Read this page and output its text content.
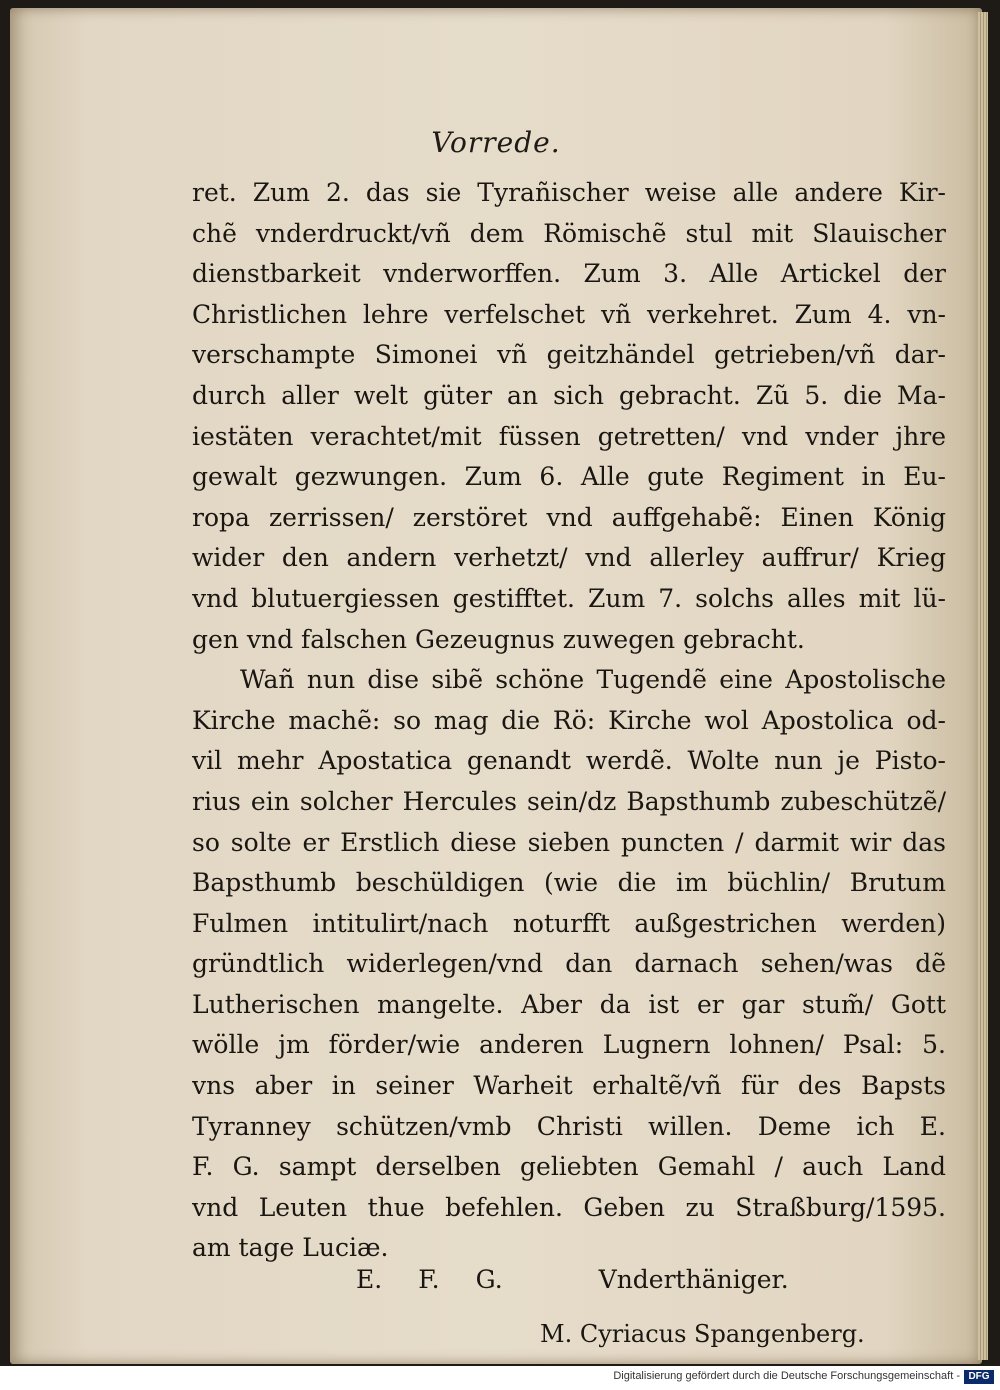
Vorrede.
ret. Zum 2. das sie Tyrañischer weise alle andere Kir-
chẽ vnderdruckt/vñ dem Römischẽ stul mit Slauischer
dienstbarkeit vnderworffen. Zum 3. Alle Artickel der
Christlichen lehre verfelschet vñ verkehret. Zum 4. vn-
verschampte Simonei vñ geitzhändel getrieben/vñ dar-
durch aller welt güter an sich gebracht. Zũ 5. die Ma-
iestäten verachtet/mit füssen getretten/ vnd vnder jhre
gewalt gezwungen. Zum 6. Alle gute Regiment in Eu-
ropa zerrissen/ zerstöret vnd auffgehabẽ: Einen König
wider den andern verhetzt/ vnd allerley auffrur/ Krieg
vnd blutuergiessen gestifftet. Zum 7. solchs alles mit lü-
gen vnd falschen Gezeugnus zuwegen gebracht.
Wañ nun dise sibẽ schöne Tugendẽ eine Apostolische
Kirche machẽ: so mag die Rö: Kirche wol Apostolica od-
vil mehr Apostatica genandt werdẽ. Wolte nun je Pisto-
rius ein solcher Hercules sein/dz Bapsthumb zubeschützẽ/
so solte er Erstlich diese sieben puncten / darmit wir das
Bapsthumb beschüldigen (wie die im büchlin/ Brutum
Fulmen intitulirt/nach noturfft außgestrichen werden)
gründtlich widerlegen/vnd dan darnach sehen/was dẽ
Lutherischen mangelte. Aber da ist er gar stum̃/ Gott
wölle jm förder/wie anderen Lugnern lohnen/ Psal: 5.
vns aber in seiner Warheit erhaltẽ/vñ für des Bapsts
Tyranney schützen/vmb Christi willen. Deme ich E.
F. G. sampt derselben geliebten Gemahl / auch Land
vnd Leuten thue befehlen. Geben zu Straßburg/1595.
am tage Luciæ.
E. F. G.	Vnderthäniger.
M. Cyriacus Spangenberg.
Digitalisierung gefördert durch die Deutsche Forschungsgemeinschaft - DFG
